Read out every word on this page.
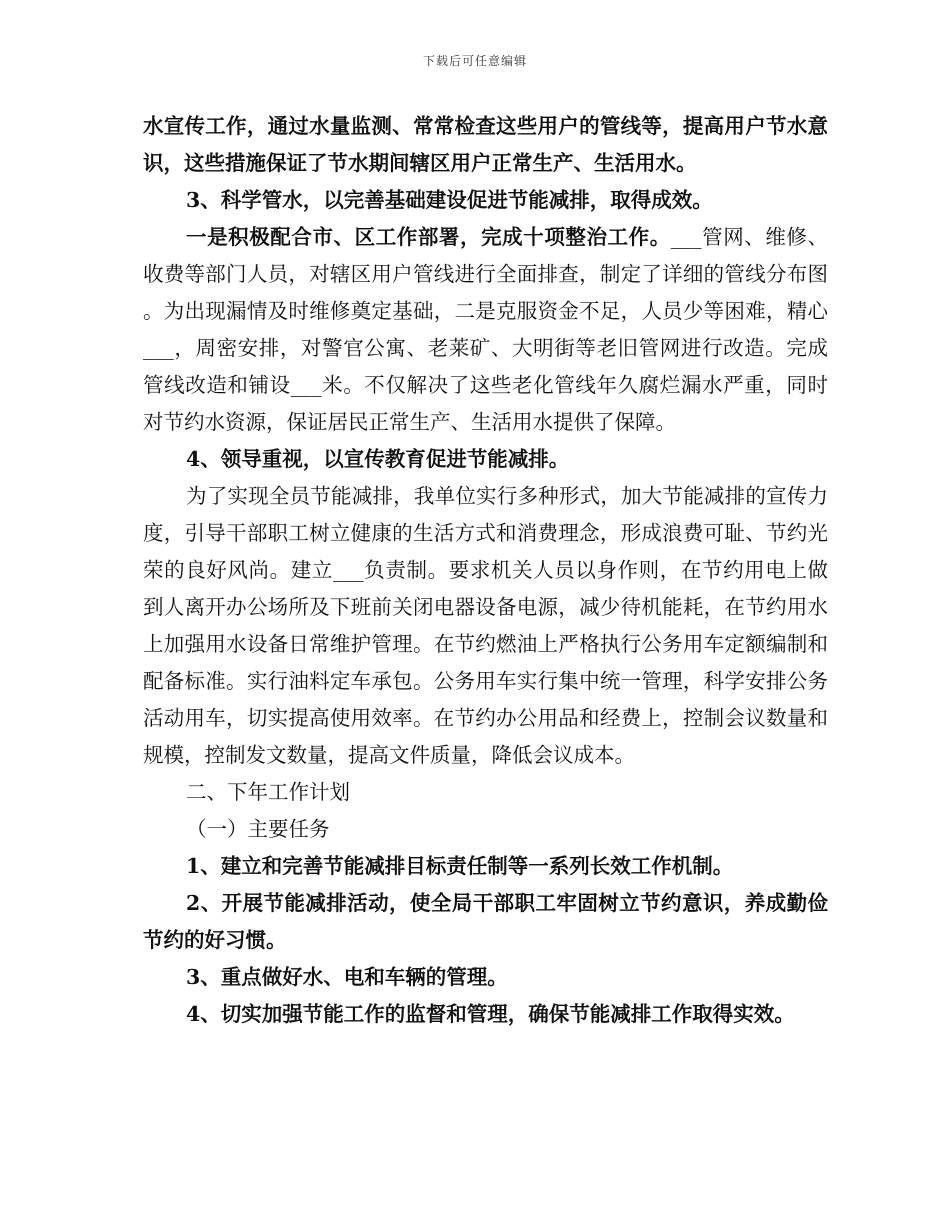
下载后可任意编辑

水宣传工作，通过水量监测、常常检查这些用户的管线等，提高用户节水意识，这些措施保证了节水期间辖区用户正常生产、生活用水。

3、科学管水，以完善基础建设促进节能减排，取得成效。

一是积极配合市、区工作部署，完成十项整治工作。___管网、维修、收费等部门人员，对辖区用户管线进行全面排查，制定了详细的管线分布图。为出现漏情及时维修奠定基础，二是克服资金不足，人员少等困难，精心___，周密安排，对警官公寓、老莱矿、大明街等老旧管网进行改造。完成管线改造和铺设___米。不仅解决了这些老化管线年久腐烂漏水严重，同时对节约水资源，保证居民正常生产、生活用水提供了保障。

4、领导重视，以宣传教育促进节能减排。

为了实现全员节能减排，我单位实行多种形式，加大节能减排的宣传力度，引导干部职工树立健康的生活方式和消费理念，形成浪费可耻、节约光荣的良好风尚。建立___负责制。要求机关人员以身作则，在节约用电上做到人离开办公场所及下班前关闭电器设备电源，减少待机能耗，在节约用水上加强用水设备日常维护管理。在节约燃油上严格执行公务用车定额编制和配备标准。实行油料定车承包。公务用车实行集中统一管理，科学安排公务活动用车，切实提高使用效率。在节约办公用品和经费上，控制会议数量和规模，控制发文数量，提高文件质量，降低会议成本。

二、下年工作计划

（一）主要任务

1、建立和完善节能减排目标责任制等一系列长效工作机制。

2、开展节能减排活动，使全局干部职工牢固树立节约意识，养成勤俭节约的好习惯。

3、重点做好水、电和车辆的管理。

4、切实加强节能工作的监督和管理，确保节能减排工作取得实效。
